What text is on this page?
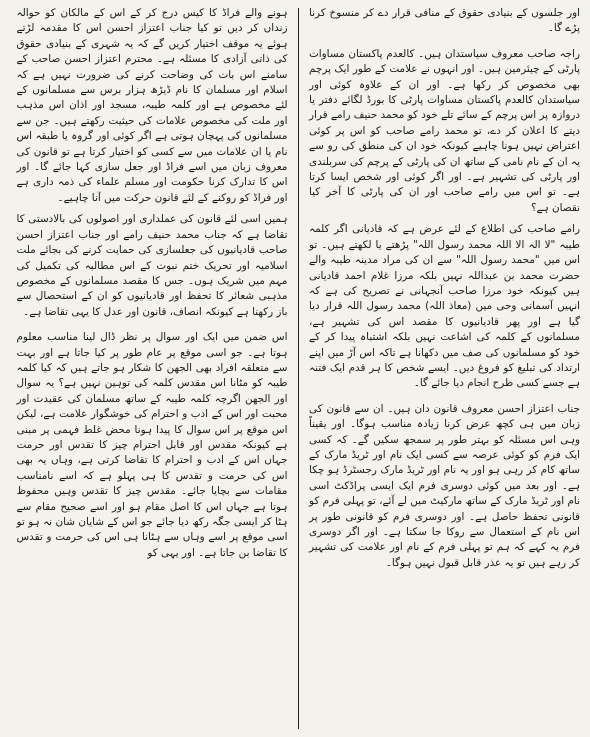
اور جلسوں کے بنیادی حقوق کے منافی قرار دے کر منسوخ کرنا پڑے گا۔

راجہ صاحب معروف سیاستدان ہیں۔ کالعدم پاکستان مساوات پارٹی کے چیئرمین ہیں۔ اور انہوں نے علامت کے طور ایک پرچم بھی مخصوص کر رکھا ہے۔ اور ان کے علاوہ کوئی اور سیاستدان کالعدم پاکستان مساوات پارٹی کا بورڈ لگائے دفتر یا دروازہ پر اس پرچم کے سائے تلے خود کو محمد حنیف رامے قرار دیتے کا اعلان کر دے، تو محمد رامے صاحب کو اس پر کوئی اعتراض نہیں ہونا چاہیے کیونکہ خود ان کی منطق کی رو سے یہ ان کے نام نامی کے ساتھ ان کی پارٹی کے پرچم کی سربلندی اور پارٹی کی تشہیر ہے۔ اور اگر کوئی اور شخص ایسا کرتا ہے۔ تو اس میں رامے صاحب اور ان کی پارٹی کا آخر کیا نقصان ہے؟

رامے صاحب کی اطلاع کے لئے عرض ہے کہ قادیانی اگر کلمہ طیبہ "لا الہ الا اللہ محمد رسول اللہ" پڑھتے یا لکھتے ہیں۔ تو اس میں "محمد رسول اللہ" سے ان کی مراد مدینہ طیبہ والے حضرت محمد بن عبداللہ نہیں بلکہ مرزا غلام احمد قادیانی ہیں کیونکہ خود مرزا صاحب آنجہانی نے تصریح کی ہے کہ انہیں آسمانی وحی میں (معاذ اللہ) محمد رسول اللہ قرار دیا گیا ہے اور پھر قادیانیوں کا مقصد اس کی تشہیر ہے، مسلمانوں کے کلمہ کی اشاعت نہیں بلکہ اشتباہ پیدا کر کے خود کو مسلمانوں کی صف میں دکھانا ہے تاکہ اس آڑ میں اپنے ارتداد کی تبلیغ کو فروغ دیں۔ ایسے شخص کا ہر قدم ایک فتنہ ہے جسے کسی طرح انجام دیا جائے گا۔

جناب اعتزاز احسن معروف قانون دان ہیں۔ ان سے قانون کی زبان میں ہی کچھ عرض کرنا زیادہ مناسب ہوگا۔ اور یقیناً وہی اس مسئلہ کو بہتر طور پر سمجھ سکیں گے۔ کہ کسی ایک فرم کو کوئی عرصہ سے کسی ایک نام اور ٹریڈ مارک کے ساتھ کام کر رہی ہو اور یہ نام اور ٹریڈ مارک رجسٹرڈ ہو چکا ہے۔ اور بعد میں کوئی دوسری فرم ایک ایسی پراڈکٹ اسی نام اور ٹریڈ مارک کے ساتھ مارکیٹ میں لے آئے، تو پہلی فرم کو قانونی تحفظ حاصل ہے۔ اور دوسری فرم کو قانونی طور پر اس نام کے استعمال سے روکا جا سکتا ہے۔ اور اگر دوسری فرم یہ کہے کہ ہم تو پہلی فرم کے نام اور علامت کی تشہیر کر رہے ہیں تو یہ عذر قابل قبول نہیں ہوگا۔

ہونے والے فراڈ کا کیس درج کر کے اس کے مالکان کو حوالہ زنداں کر دیں تو کیا جناب اعتزاز احسن اس کا مقدمہ لڑتے ہوئے یہ موقف اختیار کریں گے کہ یہ شہری کے بنیادی حقوق کی ذاتی آزادی کا مسئلہ ہے۔ محترم اعتزاز احسن صاحب کے سامنے اس بات کی وضاحت کرنے کی ضرورت نہیں ہے کہ اسلام اور مسلمان کا نام ڈیڑھ ہزار برس سے مسلمانوں کے لئے مخصوص ہے اور کلمہ طیبہ، مسجد اور اذان اس مذہب اور ملت کی مخصوص علامات کی حیثیت رکھتے ہیں۔ جن سے مسلمانوں کی پہچان ہوتی ہے اگر کوئی اور گروہ یا طبقہ اس نام یا ان علامات میں سے کسی کو اختیار کرتا ہے تو قانون کی معروف زبان میں اسے فراڈ اور جعل سازی کہا جائے گا۔ اور اس کا تدارک کرنا حکومت اور مسلم علماء کی ذمہ داری ہے اور فراڈ کو روکنے کے لئے قانون حرکت میں آنا چاہیے۔

ہمیں اسی لئے قانون کی عملداری اور اصولوں کی بالادستی کا تقاضا ہے کہ جناب محمد حنیف رامے اور جناب اعتزاز احسن صاحب قادیانیوں کی جعلسازی کی حمایت کرنے کی بجائے ملت اسلامیہ اور تحریک ختم نبوت کے اس مطالبہ کی تکمیل کی مہم میں شریک ہوں۔ جس کا مقصد مسلمانوں کے مخصوص مذہبی شعائر کا تحفظ اور قادیانیوں کو ان کے استحصال سے باز رکھنا ہے کیونکہ انصاف، قانون اور عدل کا یہی تقاضا ہے۔

اس ضمن میں ایک اور سوال پر نظر ڈال لینا مناسب معلوم ہوتا ہے۔ جو اسی موقع پر عام طور پر کیا جاتا ہے اور بہت سے متعلقہ افراد بھی الجھن کا شکار ہو جاتے ہیں کہ کیا کلمہ طیبہ کو مٹانا اس مقدس کلمہ کی توہین نہیں ہے؟ یہ سوال اور الجھن اگرچہ کلمہ طیبہ کے ساتھ مسلمان کی عقیدت اور محبت اور اس کے ادب و احترام کی خوشگوار علامت ہے، لیکن اس موقع پر اس سوال کا پیدا ہونا محض غلط فہمی پر مبنی ہے کیونکہ مقدس اور قابل احترام چیز کا تقدس اور حرمت جہاں اس کے ادب و احترام کا تقاضا کرتی ہے، وہاں یہ بھی اس کی حرمت و تقدس کا ہی پہلو ہے کہ اسے نامناسب مقامات سے بچایا جائے۔ مقدس چیز کا تقدس وہیں محفوظ ہوتا ہے جہاں اس کا اصل مقام ہو اور اسے صحیح مقام سے ہٹا کر ایسی جگہ رکھ دیا جائے جو اس کے شایان شان نہ ہو تو اسی موقع پر اسے وہاں سے ہٹانا ہی اس کی حرمت و تقدس کا تقاضا بن جاتا ہے۔ اور یہی کو
